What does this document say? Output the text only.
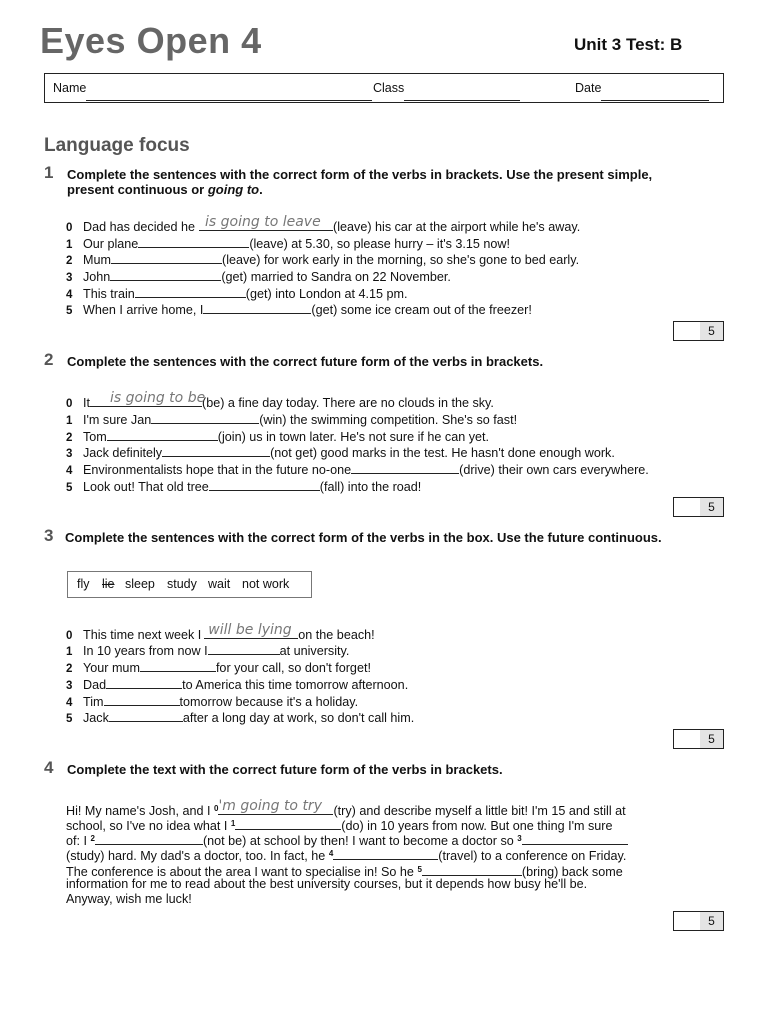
Eyes Open 4	Unit 3 Test: B
Name	Class	Date
Language focus
1 Complete the sentences with the correct form of the verbs in brackets. Use the present simple,
present continuous or going to.
0 Dad has decided he is going to leave (leave) his car at the airport while he's away.
1 Our plane	(leave) at 5.30, so please hurry – it's 3.15 now!
2 Mum	(leave) for work early in the morning, so she's gone to bed early.
3 John	(get) married to Sandra on 22 November.
4 This train	(get) into London at 4.15 pm.
5 When I arrive home, I	(get) some ice cream out of the freezer!
5
2 Complete the sentences with the correct future form of the verbs in brackets.
0 It is going to be
(be) a fine day today. There are no clouds in the sky.
1 I'm sure Jan	(win) the swimming competition. She's so fast!
2 Tom	(join) us in town later. He's not sure if he can yet.
3 Jack definitely	(not get) good marks in the test. He hasn't done enough work.
4 Environmentalists hope that in the future no-one	(drive) their own cars everywhere.
5 Look out! That old tree	(fall) into the road!
5
3 Complete the sentences with the correct form of the verbs in the box. Use the future continuous.
fly lie sleep study wait not work
0 This time next week I will be lying on the beach!
1 In 10 years from now I	at university.
2 Your mum	for your call, so don't forget!
3 Dad	to America this time tomorrow afternoon.
4 Tim	tomorrow because it's a holiday.
5 Jack	after a long day at work, so don't call him.
5
4 Complete the text with the correct future form of the verbs in brackets.
Hi! My name's Josh, and I $^0$ 'm going to try (try) and describe myself a little bit! I'm 15 and still at
school, so I've no idea what I $^1$	(do) in 10 years from now. But one thing I'm sure
of: I $^2$	(not be) at school by then! I want to become a doctor so $^3$
(study) hard. My dad's a doctor, too. In fact, he $^4$	(travel) to a conference on Friday.
The conference is about the area I want to specialise in! So he $^5$	(bring) back some
information for me to read about the best university courses, but it depends how busy he'll be.
Anyway, wish me luck!
5
